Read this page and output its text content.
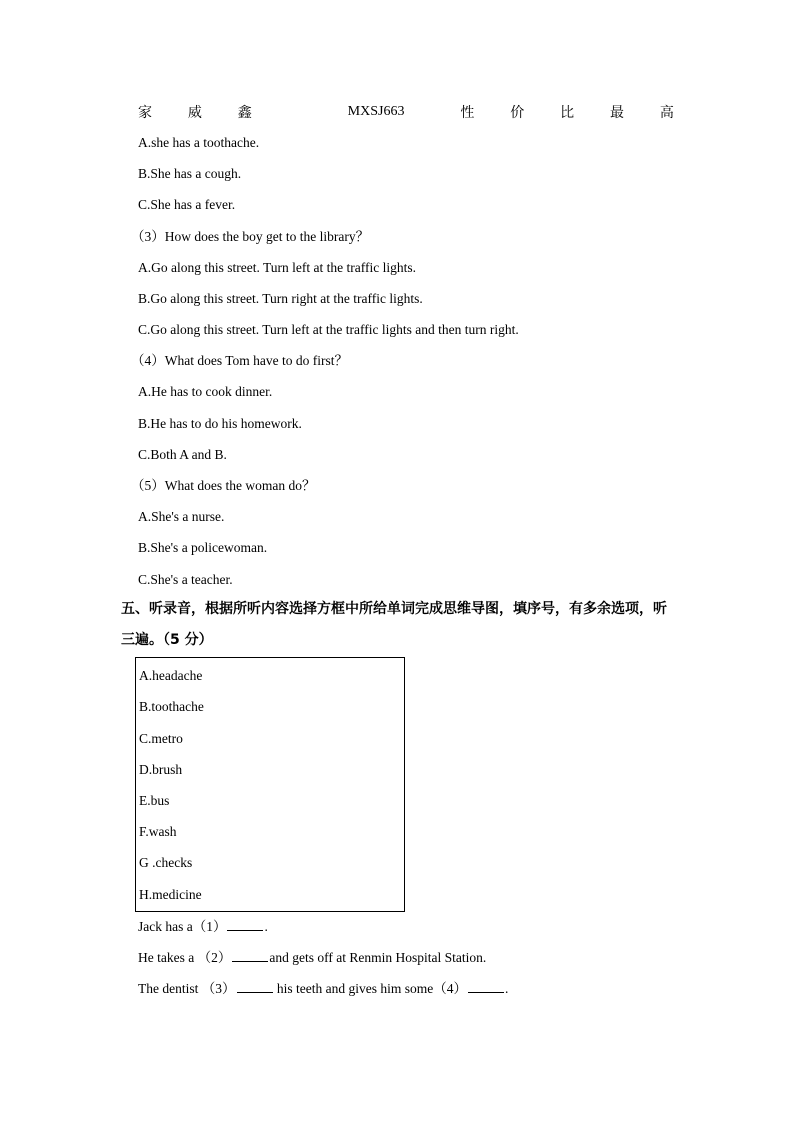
家	威	鑫	MXSJ663	性	价	比	最	高
A.she has a toothache.
B.She has a cough.
C.She has a fever.
（3）How does the boy get to the library？
A.Go along this street. Turn left at the traffic lights.
B.Go along this street. Turn right at the traffic lights.
C.Go along this street. Turn left at the traffic lights and then turn right.
（4）What does Tom have to do first？
A.He has to cook dinner.
B.He has to do his homework.
C.Both A and B.
（5）What does the woman do？
A.She's a nurse.
B.She's a policewoman.
C.She's a teacher.
五、听录音，根据所听内容选择方框中所给单词完成思维导图，填序号，有多余选项，听
三遍。（5 分）
A.headache
B.toothache
C.metro
D.brush
E.bus
F.wash
G .checks
H.medicine
Jack has a（1）	.
He takes a （2）	and gets off at Renmin Hospital Station.
The dentist （3）	his teeth and gives him some（4）	.
